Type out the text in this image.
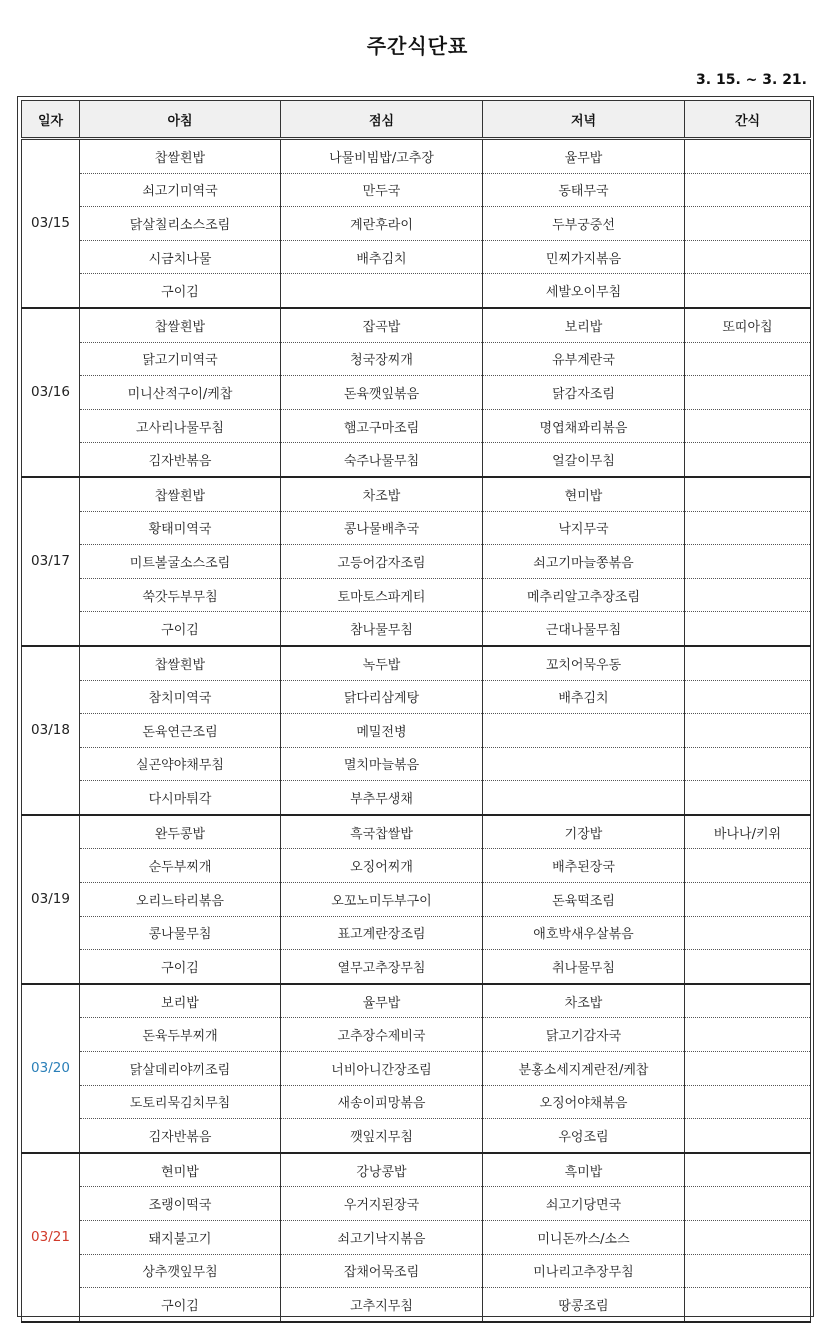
주간식단표
3. 15. ~ 3. 21.
일자	아침	점심	저녁	간식
03/15	찹쌀흰밥	나물비빔밥/고추장	율무밥	
	쇠고기미역국	만두국	동태무국	
	닭살칠리소스조림	계란후라이	두부궁중선	
	시금치나물	배추김치	민찌가지볶음	
	구이김		세발오이무침	
03/16	찹쌀흰밥	잡곡밥	보리밥	또띠아칩
	닭고기미역국	청국장찌개	유부계란국	
	미니산적구이/케찹	돈육깻잎볶음	닭감자조림	
	고사리나물무침	햄고구마조림	명엽채꽈리볶음	
	김자반볶음	숙주나물무침	얼갈이무침	
03/17	찹쌀흰밥	차조밥	현미밥	
	황태미역국	콩나물배추국	낙지무국	
	미트볼굴소스조림	고등어감자조림	쇠고기마늘쫑볶음	
	쑥갓두부무침	토마토스파게티	메추리알고추장조림	
	구이김	참나물무침	근대나물무침	
03/18	찹쌀흰밥	녹두밥	꼬치어묵우동	
	참치미역국	닭다리삼계탕	배추김치	
	돈육연근조림	메밀전병		
	실곤약야채무침	멸치마늘볶음		
	다시마튀각	부추무생채		
03/19	완두콩밥	흑국찹쌀밥	기장밥	바나나/키위
	순두부찌개	오징어찌개	배추된장국	
	오리느타리볶음	오꼬노미두부구이	돈육떡조림	
	콩나물무침	표고계란장조림	애호박새우살볶음	
	구이김	열무고추장무침	취나물무침	
03/20	보리밥	율무밥	차조밥	
	돈육두부찌개	고추장수제비국	닭고기감자국	
	닭살데리야끼조림	너비아니간장조림	분홍소세지계란전/케찹	
	도토리묵김치무침	새송이피망볶음	오징어야채볶음	
	김자반볶음	깻잎지무침	우엉조림	
03/21	현미밥	강낭콩밥	흑미밥	
	조랭이떡국	우거지된장국	쇠고기당면국	
	돼지불고기	쇠고기낙지볶음	미니돈까스/소스	
	상추깻잎무침	잡채어묵조림	미나리고추장무침	
	구이김	고추지무침	땅콩조림	
